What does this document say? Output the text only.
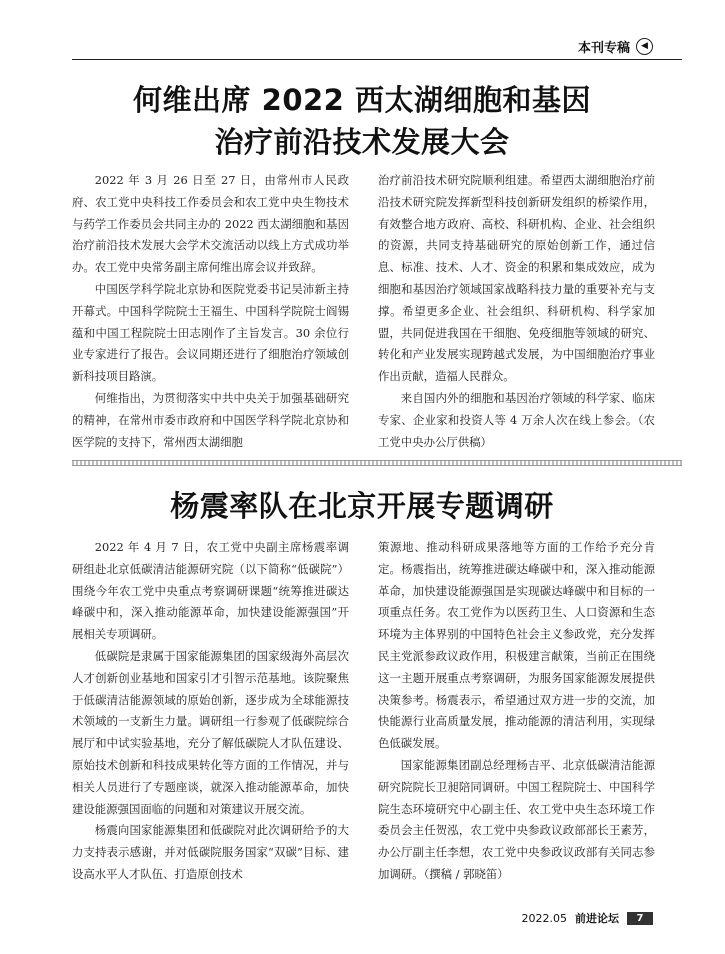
本刊专稿	◀
何维出席 2022 西太湖细胞和基因
治疗前沿技术发展大会

2022 年 3 月 26 日至 27 日，由常州市人民政府、农工党中央科技工作委员会和农工党中央生物技术与药学工作委员会共同主办的 2022 西太湖细胞和基因治疗前沿技术发展大会学术交流活动以线上方式成功举办。农工党中央常务副主席何维出席会议并致辞。

中国医学科学院北京协和医院党委书记吴沛新主持开幕式。中国科学院院士王福生、中国科学院院士阎锡蕴和中国工程院院士田志刚作了主旨发言。30 余位行业专家进行了报告。会议同期还进行了细胞治疗领域创新科技项目路演。

何维指出，为贯彻落实中共中央关于加强基础研究的精神，在常州市委市政府和中国医学科学院北京协和医学院的支持下，常州西太湖细胞

治疗前沿技术研究院顺利组建。希望西太湖细胞治疗前沿技术研究院发挥新型科技创新研发组织的桥梁作用，有效整合地方政府、高校、科研机构、企业、社会组织的资源，共同支持基础研究的原始创新工作，通过信息、标准、技术、人才、资金的积累和集成效应，成为细胞和基因治疗领域国家战略科技力量的重要补充与支撑。希望更多企业、社会组织、科研机构、科学家加盟，共同促进我国在干细胞、免疫细胞等领域的研究、转化和产业发展实现跨越式发展，为中国细胞治疗事业作出贡献，造福人民群众。

来自国内外的细胞和基因治疗领域的科学家、临床专家、企业家和投资人等 4 万余人次在线上参会。（农工党中央办公厅供稿）

杨震率队在北京开展专题调研

2022 年 4 月 7 日，农工党中央副主席杨震率调研组赴北京低碳清洁能源研究院（以下简称“低碳院”）围绕今年农工党中央重点考察调研课题“统筹推进碳达峰碳中和，深入推动能源革命，加快建设能源强国”开展相关专项调研。

低碳院是隶属于国家能源集团的国家级海外高层次人才创新创业基地和国家引才引智示范基地。该院聚焦于低碳清洁能源领域的原始创新，逐步成为全球能源技术领域的一支新生力量。调研组一行参观了低碳院综合展厅和中试实验基地，充分了解低碳院人才队伍建设、原始技术创新和科技成果转化等方面的工作情况，并与相关人员进行了专题座谈，就深入推动能源革命，加快建设能源强国面临的问题和对策建议开展交流。

杨震向国家能源集团和低碳院对此次调研给予的大力支持表示感谢，并对低碳院服务国家“双碳”目标、建设高水平人才队伍、打造原创技术

策源地、推动科研成果落地等方面的工作给予充分肯定。杨震指出，统筹推进碳达峰碳中和，深入推动能源革命，加快建设能源强国是实现碳达峰碳中和目标的一项重点任务。农工党作为以医药卫生、人口资源和生态环境为主体界别的中国特色社会主义参政党，充分发挥民主党派参政议政作用，积极建言献策，当前正在围绕这一主题开展重点考察调研，为服务国家能源发展提供决策参考。杨震表示，希望通过双方进一步的交流，加快能源行业高质量发展，推动能源的清洁利用，实现绿色低碳发展。

国家能源集团副总经理杨吉平、北京低碳清洁能源研究院院长卫昶陪同调研。中国工程院院士、中国科学院生态环境研究中心副主任、农工党中央生态环境工作委员会主任贺泓，农工党中央参政议政部部长王素芳，办公厅副主任李想，农工党中央参政议政部有关同志参加调研。（撰稿 / 郭晓笛）

2022.05 前进论坛	7
